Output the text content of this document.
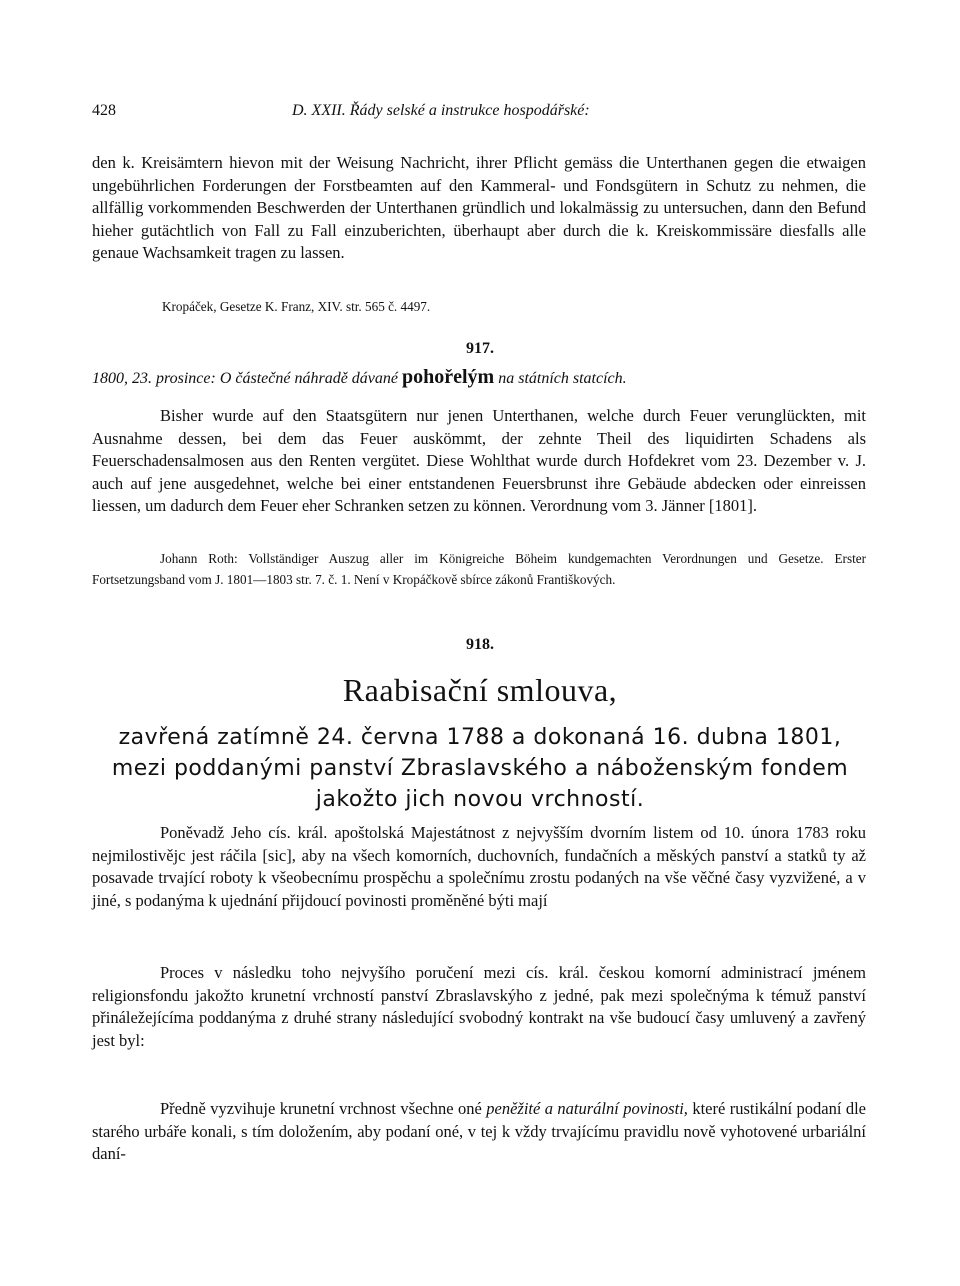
428	D. XXII. Řády selské a instrukce hospodářské:

den k. Kreisämtern hievon mit der Weisung Nachricht, ihrer Pflicht gemäss die Unterthanen gegen die etwaigen ungebührlichen Forderungen der Forstbeamten auf den Kammeral- und Fondsgütern in Schutz zu nehmen, die allfällig vorkommenden Beschwerden der Unterthanen gründlich und lokalmässig zu untersuchen, dann den Befund hieher gutächtlich von Fall zu Fall einzuberichten, überhaupt aber durch die k. Kreiskommissäre diesfalls alle genaue Wachsamkeit tragen zu lassen.

Kropáček, Gesetze K. Franz, XIV. str. 565 č. 4497.

917.

1800, 23. prosince: O částečné náhradě dávané pohořelým na státních statcích.

Bisher wurde auf den Staatsgütern nur jenen Unterthanen, welche durch Feuer verunglückten, mit Ausnahme dessen, bei dem das Feuer auskömmt, der zehnte Theil des liquidirten Schadens als Feuerschadensalmosen aus den Renten vergütet. Diese Wohlthat wurde durch Hofdekret vom 23. Dezember v. J. auch auf jene ausgedehnet, welche bei einer entstandenen Feuersbrunst ihre Gebäude abdecken oder einreissen liessen, um dadurch dem Feuer eher Schranken setzen zu können. Verordnung vom 3. Jänner [1801].

Johann Roth: Vollständiger Auszug aller im Königreiche Böheim kundgemachten Verordnungen und Gesetze. Erster Fortsetzungsband vom J. 1801—1803 str. 7. č. 1. Není v Kropáčkově sbírce zákonů Františkových.

918.

Raabisační smlouva,

zavřená zatímně 24. června 1788 a dokonaná 16. dubna 1801, mezi poddanými panství Zbraslavského a náboženským fondem jakožto jich novou vrchností.

Poněvadž Jeho cís. král. apoštolská Majestátnost z nejvyšším dvorním listem od 10. února 1783 roku nejmilostivějc jest ráčila [sic], aby na všech komorních, duchovních, fundačních a měských panství a statků ty až posavade trvající roboty k všeobecnímu prospěchu a společnímu zrostu podaných na vše věčné časy vyzvižené, a v jiné, s podanýma k ujednání přijdoucí povinosti proměněné býti mají

Proces v následku toho nejvyšího poručení mezi cís. král. českou komorní administrací jménem religionsfondu jakožto krunetní vrchností panství Zbraslavskýho z jedné, pak mezi společnýma k témuž panství přináležejícíma poddanýma z druhé strany následující svobodný kontrakt na vše budoucí časy umluvený a zavřený jest byl:

Předně vyzvihuje krunetní vrchnost všechne oné peněžité a naturální povinosti, které rustikální podaní dle starého urbáře konali, s tím doložením, aby podaní oné, v tej k vždy trvajícímu pravidlu nově vyhotovené urbariální daní-
